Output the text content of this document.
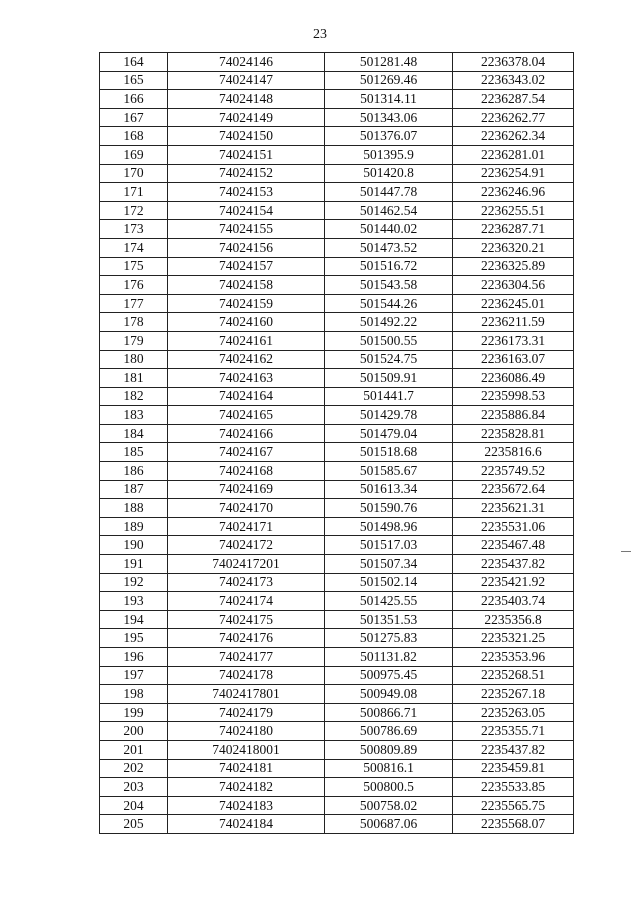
23
164	74024146	501281.48	2236378.04
165	74024147	501269.46	2236343.02
166	74024148	501314.11	2236287.54
167	74024149	501343.06	2236262.77
168	74024150	501376.07	2236262.34
169	74024151	501395.9	2236281.01
170	74024152	501420.8	2236254.91
171	74024153	501447.78	2236246.96
172	74024154	501462.54	2236255.51
173	74024155	501440.02	2236287.71
174	74024156	501473.52	2236320.21
175	74024157	501516.72	2236325.89
176	74024158	501543.58	2236304.56
177	74024159	501544.26	2236245.01
178	74024160	501492.22	2236211.59
179	74024161	501500.55	2236173.31
180	74024162	501524.75	2236163.07
181	74024163	501509.91	2236086.49
182	74024164	501441.7	2235998.53
183	74024165	501429.78	2235886.84
184	74024166	501479.04	2235828.81
185	74024167	501518.68	2235816.6
186	74024168	501585.67	2235749.52
187	74024169	501613.34	2235672.64
188	74024170	501590.76	2235621.31
189	74024171	501498.96	2235531.06
190	74024172	501517.03	2235467.48
191	7402417201	501507.34	2235437.82
192	74024173	501502.14	2235421.92
193	74024174	501425.55	2235403.74
194	74024175	501351.53	2235356.8
195	74024176	501275.83	2235321.25
196	74024177	501131.82	2235353.96
197	74024178	500975.45	2235268.51
198	7402417801	500949.08	2235267.18
199	74024179	500866.71	2235263.05
200	74024180	500786.69	2235355.71
201	7402418001	500809.89	2235437.82
202	74024181	500816.1	2235459.81
203	74024182	500800.5	2235533.85
204	74024183	500758.02	2235565.75
205	74024184	500687.06	2235568.07
